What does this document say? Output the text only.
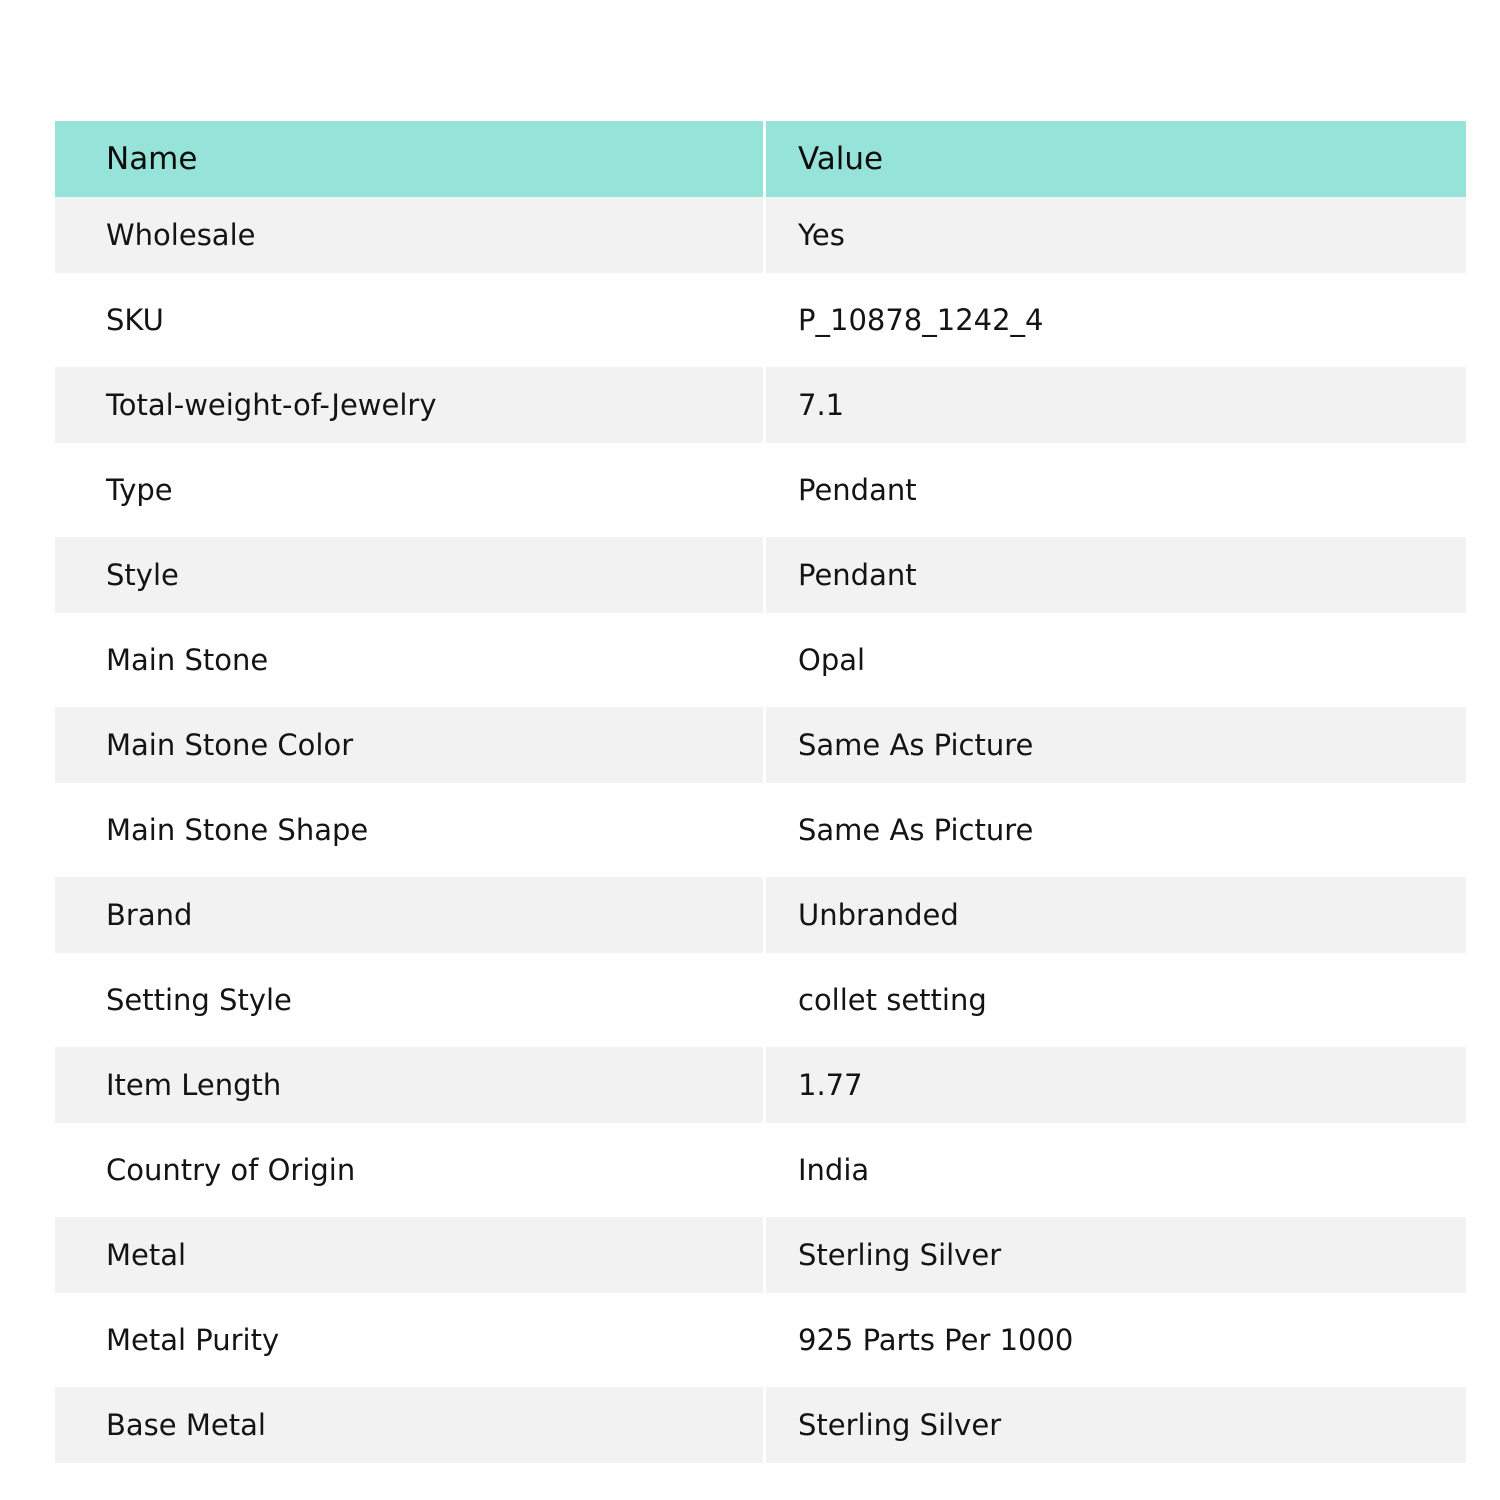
Name	Value
Wholesale	Yes
SKU	P_10878_1242_4
Total-weight-of-Jewelry	7.1
Type	Pendant
Style	Pendant
Main Stone	Opal
Main Stone Color	Same As Picture
Main Stone Shape	Same As Picture
Brand	Unbranded
Setting Style	collet setting
Item Length	1.77
Country of Origin	India
Metal	Sterling Silver
Metal Purity	925 Parts Per 1000
Base Metal	Sterling Silver
